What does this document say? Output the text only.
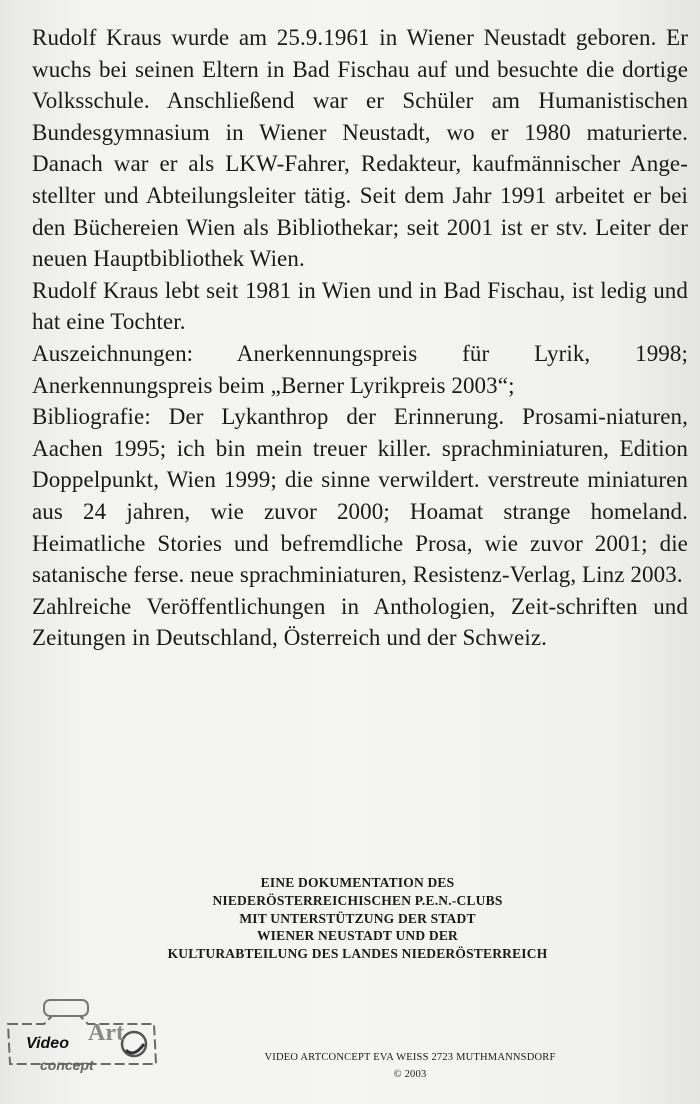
Rudolf Kraus wurde am 25.9.1961 in Wiener Neustadt geboren. Er wuchs bei seinen Eltern in Bad Fischau auf und besuchte die dortige Volksschule. Anschließend war er Schüler am Humanistischen Bundesgymnasium in Wiener Neustadt, wo er 1980 maturierte. Danach war er als LKW-Fahrer, Redakteur, kaufmännischer Ange-stellter und Abteilungsleiter tätig. Seit dem Jahr 1991 arbeitet er bei den Büchereien Wien als Bibliothekar; seit 2001 ist er stv. Leiter der neuen Hauptbibliothek Wien.

Rudolf Kraus lebt seit 1981 in Wien und in Bad Fischau, ist ledig und hat eine Tochter.

Auszeichnungen: Anerkennungspreis für Lyrik, 1998; Anerkennungspreis beim „Berner Lyrikpreis 2003“;

Bibliografie: Der Lykanthrop der Erinnerung. Prosami-niaturen, Aachen 1995; ich bin mein treuer killer. sprachminiaturen, Edition Doppelpunkt, Wien 1999; die sinne verwildert. verstreute miniaturen aus 24 jahren, wie zuvor 2000; Hoamat strange homeland. Heimatliche Stories und befremdliche Prosa, wie zuvor 2001; die satanische ferse. neue sprachminiaturen, Resistenz-Verlag, Linz 2003.

Zahlreiche Veröffentlichungen in Anthologien, Zeit-schriften und Zeitungen in Deutschland, Österreich und der Schweiz.

EINE DOKUMENTATION DES
NIEDERÖSTERREICHISCHEN P.E.N.-CLUBS
MIT UNTERSTÜTZUNG DER STADT
WIENER NEUSTADT UND DER
KULTURABTEILUNG DES LANDES NIEDERÖSTERREICH
Video Art
concept	VIDEO ARTCONCEPT EVA WEISS 2723 MUTHMANNSDORF
© 2003
